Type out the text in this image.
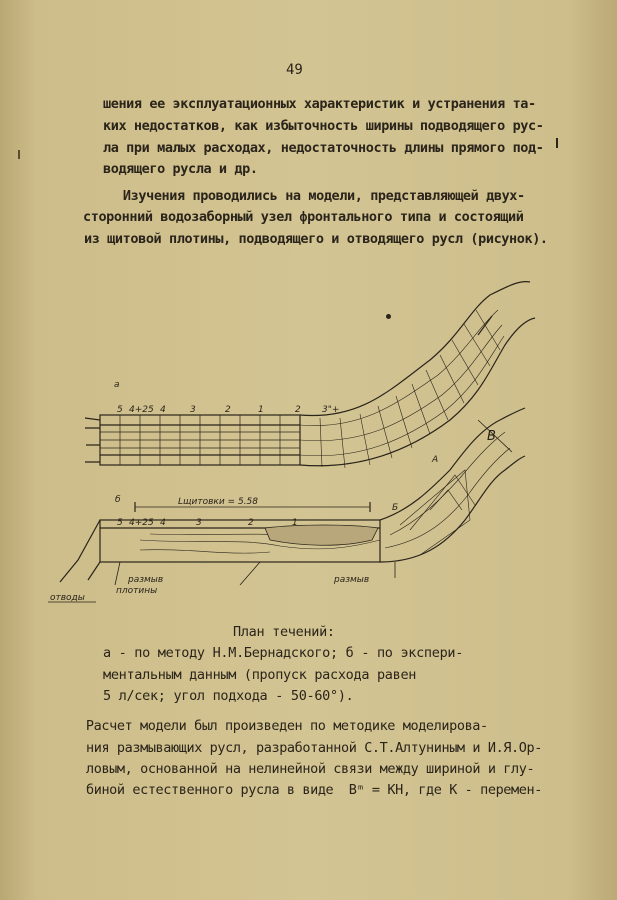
49
шения ее эксплуатационных характеристик и устранения та-
ких недостатков, как избыточность ширины подводящего рус-
ла при малых расходах, недостаточность длины прямого под-
водящего русла и др.
Изучения проводились на модели, представляющей двух-
сторонний водозаборный узел фронтального типа и состоящий
из щитовой плотины, подводящего и отводящего русл (рисунок).
а
б
5 4+25 4	3	2	1	2 3"+
5 4+25 4	3	2	1
Lщитовки = 5.58
В
А
Б
размыв
плотины
размыв
отводы
План течений:
а - по методу Н.М.Бернадского; б - по экспери-
ментальным данным (пропуск расхода равен
5 л/сек; угол подхода - 50-60°).
Расчет модели был произведен по методике моделирова-
ния размывающих русл, разработанной С.Т.Алтуниным и И.Я.Ор-
ловым, основанной на нелинейной связи между шириной и глу-
биной естественного русла в виде  Bᵐ = КН, где К - перемен-
